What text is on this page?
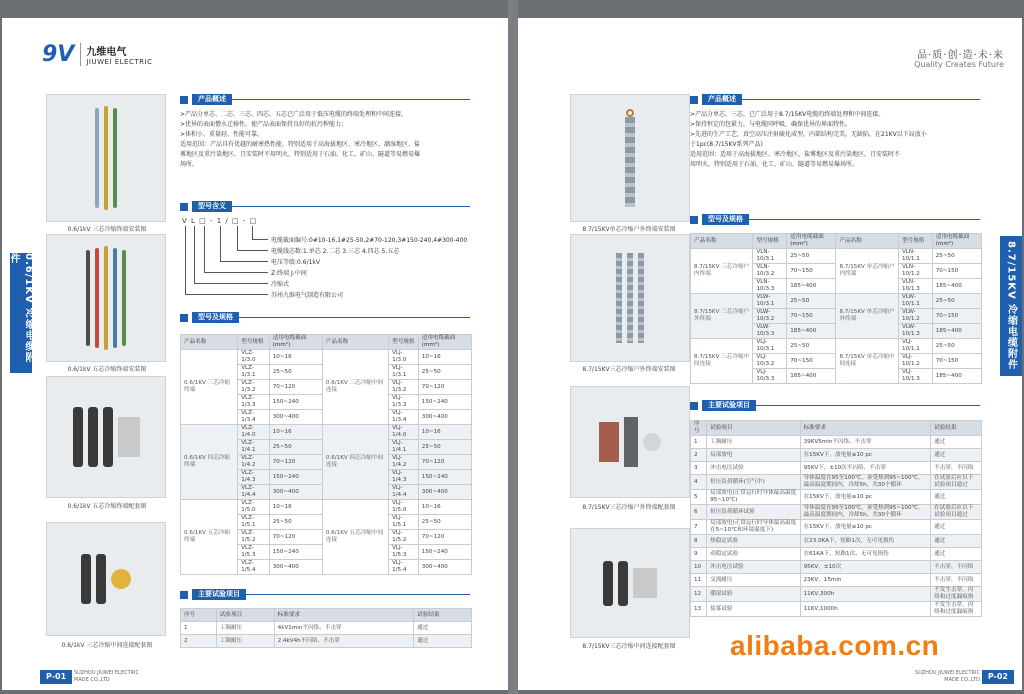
9V 九维电气
JIUWEI ELECTRIC
0.6/1KV 冷缩电缆附件
0.6/1kV 三芯冷缩终端安装图
0.6/1kV 五芯冷缩终端安装图
0.6/1kV 五芯冷缩终端配套图
0.6/1kV 三芯冷缩中间连接配套图
产品概述
>产品分单芯、二芯、三芯、四芯、五芯已广泛用于低压电缆的终端处理和中间连接。
>优异的表面憎水迁移性，使产品表面保持良好的抗污秽能力；
>体积小、重量轻、性能可靠。
适用范围：产品具有优越的耐寒热性能，特别适用于高海拔地区、寒冷地区、潮湿地区、盐
雾地区及重污染地区，且安装时不用明火，特别适用于石油、化工、矿山、隧道等易燃易爆
场所。
型号含义
V L □ - 1 / □ - □
电缆截面编号:0#10-16,1#25-50,2#70-120,3#150-240,4#300-400
电缆线芯数:1.单芯 2.二芯 3.三芯 4.四芯 5.五芯
电压等级:0.6/1kV
Z:终端 J:中间
冷缩式
苏州九维电气制造有限公司
型号及规格
产品名称	型号规格	适用电缆截面(mm²)	产品名称	型号规格	适用电缆截面(mm²)
0.6/1KV 三芯冷缩终端	VLZ-1/3.0	10~16	0.6/1KV 三芯冷缩中间连接	VLJ-1/3.0	10~16
	VLZ-1/3.1	25~50		VLJ-1/3.1	25~50
	VLZ-1/3.2	70~120		VLJ-1/3.2	70~120
	VLZ-1/3.3	150~240		VLJ-1/3.3	150~240
	VLZ-1/3.4	300~400		VLJ-1/3.4	300~400
0.6/1KV 四芯冷缩终端	VLZ-1/4.0	10~16	0.6/1KV 四芯冷缩中间连接	VLJ-1/4.0	10~16
	VLZ-1/4.1	25~50		VLJ-1/4.1	25~50
	VLZ-1/4.2	70~120		VLJ-1/4.2	70~120
	VLZ-1/4.3	150~240		VLJ-1/4.3	150~240
	VLZ-1/4.4	300~400		VLJ-1/4.4	300~400
0.6/1KV 五芯冷缩终端	VLZ-1/5.0	10~16	0.6/1KV 五芯冷缩中间连接	VLJ-1/5.0	10~16
	VLZ-1/5.1	25~50		VLJ-1/5.1	25~50
	VLZ-1/5.2	70~120		VLJ-1/5.2	70~120
	VLZ-1/5.3	150~240		VLJ-1/5.3	150~240
	VLZ-1/5.4	300~400		VLJ-1/5.4	300~400
主要试验项目
序号	试验项目	标准要求	试验结果
1	工频耐压	4kV1min不闪络、不击穿	通过
2	工频耐压	2.4kV4h不闪络、不击穿	通过
P-01	SUZHOU JIUWEI ELECTRIC
MADE CO.,LTD
品·质·创·造·未·来
Quality Creates Future
8.7/15KV 冷缩电缆附件
8.7/15KV单芯冷缩户外终端安装图
8.7/15KV三芯冷缩户外终端安装图
8.7/15KV三芯冷缩户外终端配套图
8.7/15KV三芯冷缩中间连接配套图
产品概述
>产品分单芯、三芯，已广泛用于8.7/15KV电缆的终端处理和中间连接。
>保持恒定的包紧力，与电缆同呼吸，确保优异的界面特性。
>先进的生产工艺，真空高压注射硫化成型，内部结构完美，无缺陷，在21KV以下局放小
于1pc(8.7/15KV系列产品)
适用范围：适用于高海拔地区、寒冷地区、盐雾地区及重污染地区，且安装时不
用明火，特别适用于石油、化工、矿山、隧道等易燃易爆场所。
型号及规格
产品名称	型号规格	适用电缆截面(mm²)	产品名称	型号规格	适用电缆截面(mm²)
8.7/15KV 三芯冷缩户内终端	VLN-10/3.1	25~50	8.7/15KV 单芯冷缩户内终端	VLN-10/1.1	25~50
	VLN-10/3.2	70~150		VLN-10/1.2	70~150
	VLN-10/3.3	185~400		VLN-10/1.3	185~400
8.7/15KV 三芯冷缩户外终端	VLW-10/3.1	25~50	8.7/15KV 单芯冷缩户外终端	VLW-10/1.1	25~50
	VLW-10/3.2	70~150		VLW-10/1.2	70~150
	VLW-10/3.3	185~400		VLW-10/1.3	185~400
8.7/15KV 三芯冷缩中间连接	VLJ-10/3.1	25~50	8.7/15KV 单芯冷缩中间连接	VLJ-10/1.1	25~50
	VLJ-10/3.2	70~150		VLJ-10/1.2	70~150
	VLJ-10/3.3	185~400		VLJ-10/1.3	185~400
主要试验项目
序号	试验项目	标准要求	试验结果
1	工频耐压	39KV5min不闪络、不击穿	通过
2	局部放电	在15KV下，放电量≤10 pc	通过
3	冲击电压试验	95KV下，±10次不闪络、不击穿	不击穿，不闪络
4	恒压负荷循环(空气中)	导体温度在95至100℃，承受热到95~100℃，最高温度期间内，冷却5h，共30个循环	在试验后应以下试验项目通过
5	局部放电(正常运行时导体最高温度95~10℃)	在15KV下，放电量≤10 pc	通过
6	恒压负荷循环试验	导体温度在95至100℃，承受热到95~100℃，最高温度期间内，冷却5h，共30个循环	在试验后应以下试验项目通过
7	局部放电(正常运行时导体最高温度在5~10℃和环境温度下)	在15KV下，放电量≤10 pc	通过
8	热稳定试验	在23.0KA下，短路1次，无可见损伤	通过
9	动稳定试验	在61KA下，短路1次，无可见损伤	通过
10	冲击电压试验	95KV，±10次	不击穿，不闪络
11	交流耐压	23KV，15min	不击穿，不闪络
12	潮湿试验	11KV,300h	不发生击穿，闪络和过度漏痕损
13	盐雾试验	11KV,1000h	不发生击穿，闪络和过度漏痕损
P-02
SUZHOU JIUWEI ELECTRIC
MADE CO.,LTD
alibaba.com.cn
